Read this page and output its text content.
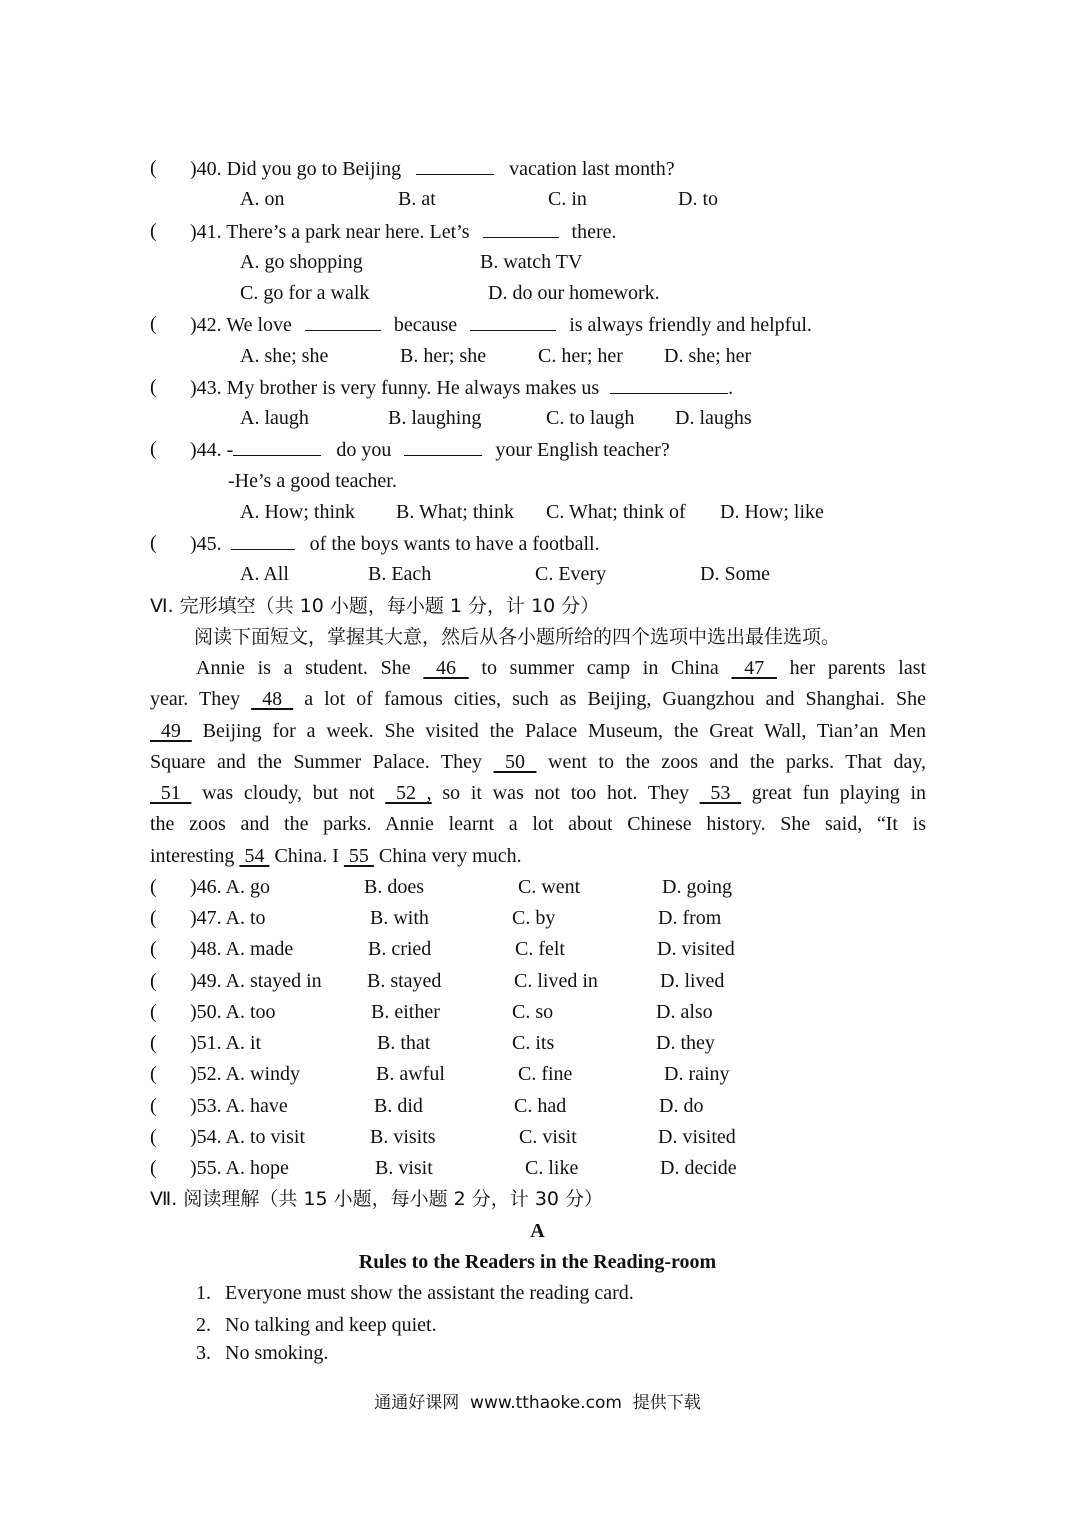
( )40. Did you go to Beijing	vacation last month?
A. on	B. at	C. in	D. to
( )41. There’s a park near here. Let’s	there.
A. go shopping	B. watch TV
C. go for a walk	D. do our homework.
( )42. We love	because	is always friendly and helpful.
A. she; she	B. her; she	C. her; her D. she; her
( )43. My brother is very funny. He always makes us	.
A. laugh	B. laughing	C. to laugh D. laughs
( )44. -	do you	your English teacher?
-He’s a good teacher.
A. How; think B. What; think C. What; think of D. How; like
( )45.	of the boys wants to have a football.
A. All	B. Each	C. Every	D. Some
Ⅵ. 完形填空（共 10 小题，每小题 1 分，计 10 分）
阅读下面短文，掌握其大意，然后从各小题所给的四个选项中选出最佳选项。
Annie is a student. She  46  to summer camp in China  47  her parents last
year. They  48  a lot of famous cities, such as Beijing, Guangzhou and Shanghai. She
49  Beijing for a week. She visited the Palace Museum, the Great Wall, Tian’an Men
Square and the Summer Palace. They  50  went to the zoos and the parks. That day,
51  was cloudy, but not  52 , so it was not too hot. They  53  great fun playing in
the zoos and the parks. Annie learnt a lot about Chinese history. She said, “It is
interesting  54  China. I  55  China very much.
( )46. A. go	B. does	C. went	D. going
( )47. A. to	B. with	C. by	D. from
( )48. A. made	B. cried	C. felt	D. visited
( )49. A. stayed in B. stayed	C. lived in	D. lived
( )50. A. too	B. either	C. so	D. also
( )51. A. it	B. that	C. its	D. they
( )52. A. windy	B. awful	C. fine	D. rainy
( )53. A. have	B. did	C. had	D. do
( )54. A. to visit	B. visits	C. visit	D. visited
( )55. A. hope	B. visit	C. like	D. decide
Ⅶ. 阅读理解（共 15 小题，每小题 2 分，计 30 分）
A
Rules to the Readers in the Reading-room
1. Everyone must show the assistant the reading card.
2. No talking and keep quiet.
3. No smoking.
通通好课网  www.tthaoke.com  提供下载
